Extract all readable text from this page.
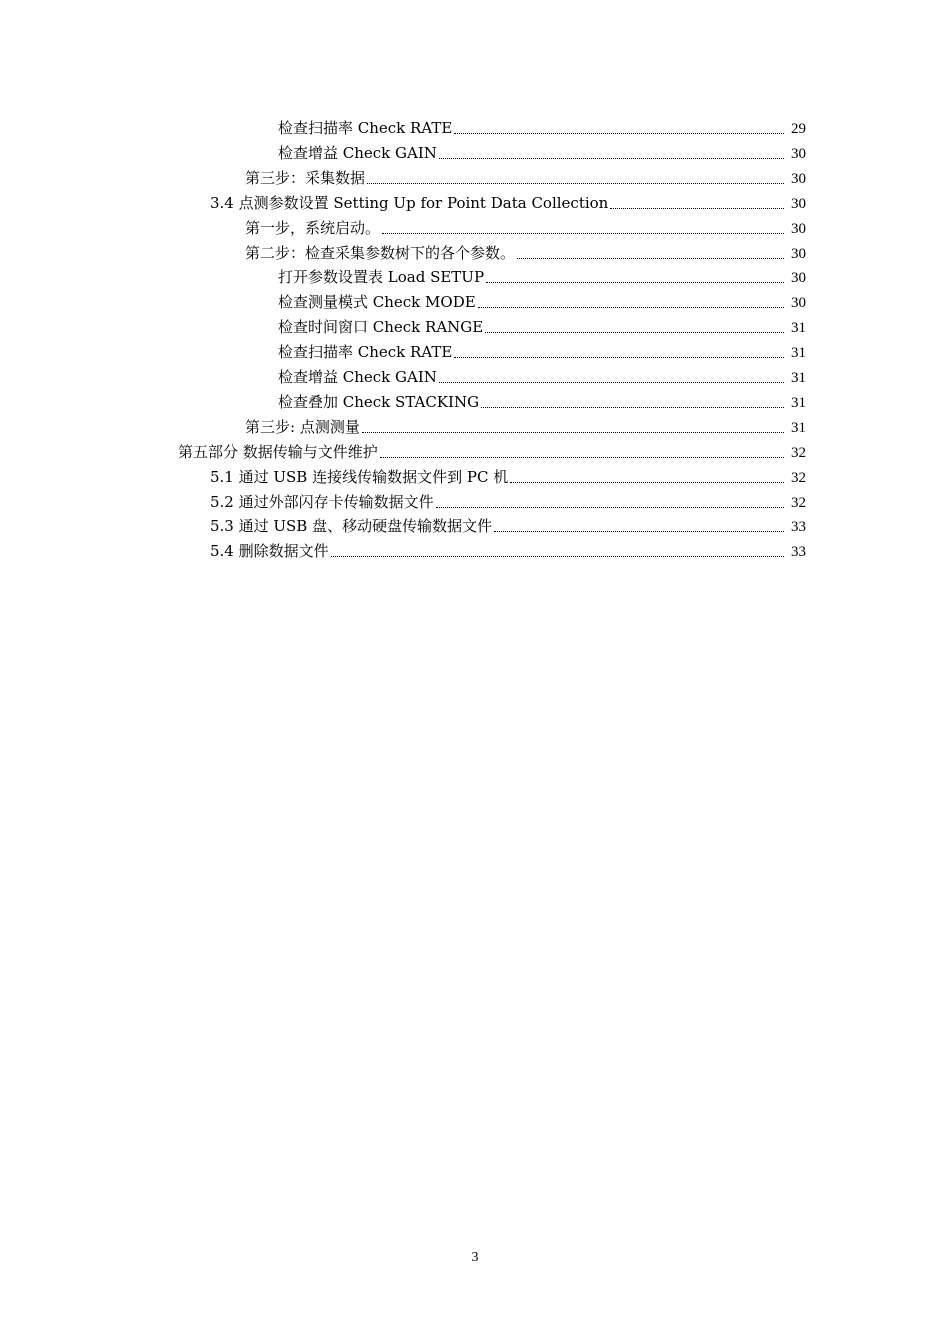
检查扫描率 Check RATE	29
检查增益 Check GAIN	30
第三步：采集数据	30
3.4 点测参数设置 Setting Up for Point Data Collection	30
第一步，系统启动。	30
第二步：检查采集参数树下的各个参数。	30
打开参数设置表 Load SETUP	30
检查测量模式 Check MODE	30
检查时间窗口 Check RANGE	31
检查扫描率 Check RATE	31
检查增益 Check GAIN	31
检查叠加 Check STACKING	31
第三步: 点测测量	31
第五部分 数据传输与文件维护	32
5.1 通过 USB 连接线传输数据文件到 PC 机	32
5.2 通过外部闪存卡传输数据文件	32
5.3 通过 USB 盘、移动硬盘传输数据文件	33
5.4 删除数据文件	33
3
